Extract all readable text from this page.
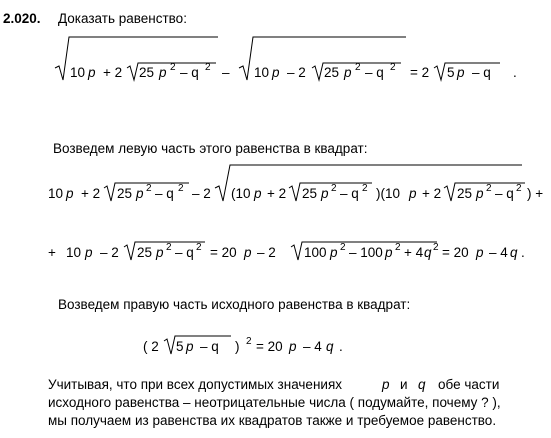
2.020. Доказать равенство:
10 p + 2 25 p 2 – q 2 – 10 p – 2 25 p 2 – q 2 = 2 5 p – q .
Возведем левую часть этого равенства в квадрат:
10 p + 2 25 p 2 – q 2 – 2 (10 p + 2 25 p 2 – q 2 )(10 p + 2 25 p 2 – q 2 ) +
+ 10 p – 2 25 p 2 – q 2 = 20 p – 2 100 p 2 – 100 p 2 + 4 q 2 = 20 p – 4 q .
Возведем правую часть исходного равенства в квадрат:
( 2 5 p – q ) 2 = 20 p – 4 q .
Учитывая, что при всех допустимых значениях	p и q обе части
исходного равенства – неотрицательные числа ( подумайте, почему ? ),
мы получаем из равенства их квадратов также и требуемое равенство.
